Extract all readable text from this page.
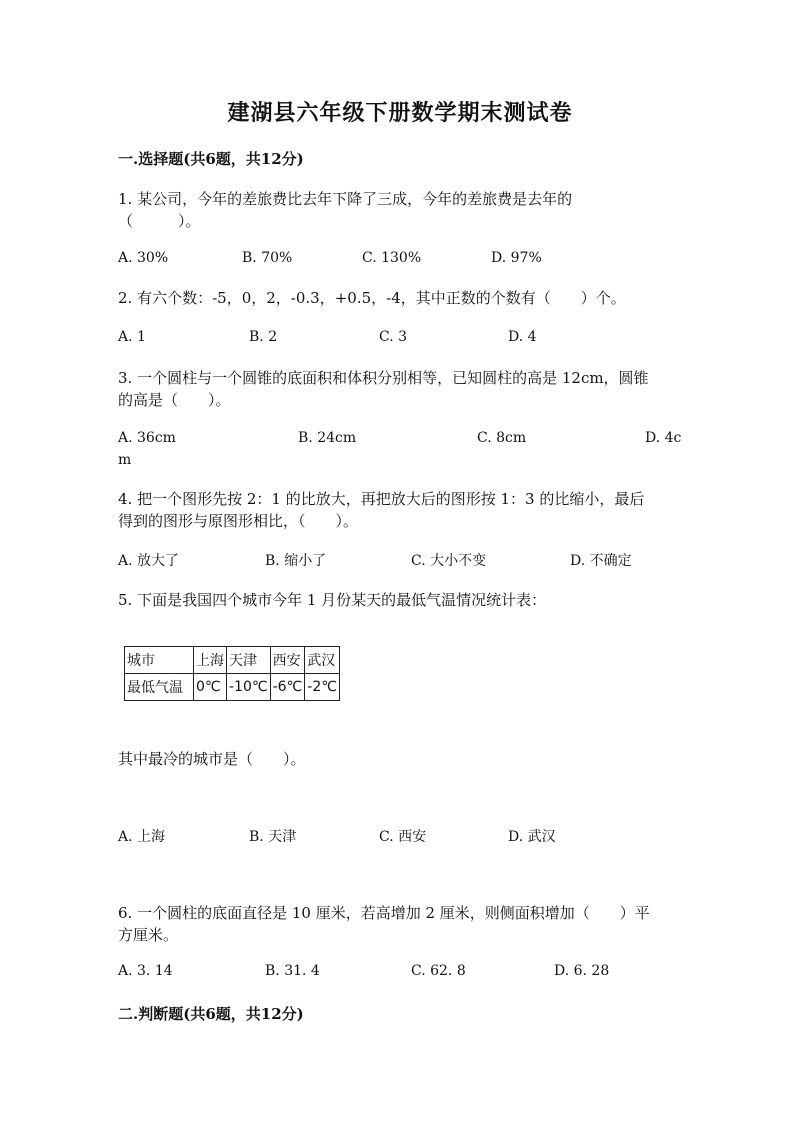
建湖县六年级下册数学期末测试卷
一.选择题(共6题，共12分)
1. 某公司，今年的差旅费比去年下降了三成，今年的差旅费是去年的
（　　　）。
A. 30%	B. 70%	C. 130%	D. 97%
2. 有六个数：-5，0，2，-0.3，+0.5，-4，其中正数的个数有（　　）个。
A. 1	B. 2	C. 3	D. 4
3. 一个圆柱与一个圆锥的底面积和体积分别相等，已知圆柱的高是 12cm，圆锥
的高是（　　）。
A. 36cm	B. 24cm	C. 8cm	D. 4c
m
4. 把一个图形先按 2：1 的比放大，再把放大后的图形按 1：3 的比缩小，最后
得到的图形与原图形相比，（　　）。
A. 放大了	B. 缩小了	C. 大小不变	D. 不确定
5. 下面是我国四个城市今年 1 月份某天的最低气温情况统计表：
城市	上海	天津	西安	武汉
最低气温	0℃	-10℃	-6℃	-2℃
其中最冷的城市是（　　）。
A. 上海	B. 天津	C. 西安	D. 武汉
6. 一个圆柱的底面直径是 10 厘米，若高增加 2 厘米，则侧面积增加（　　）平
方厘米。
A. 3. 14	B. 31. 4	C. 62. 8	D. 6. 28
二.判断题(共6题，共12分)
